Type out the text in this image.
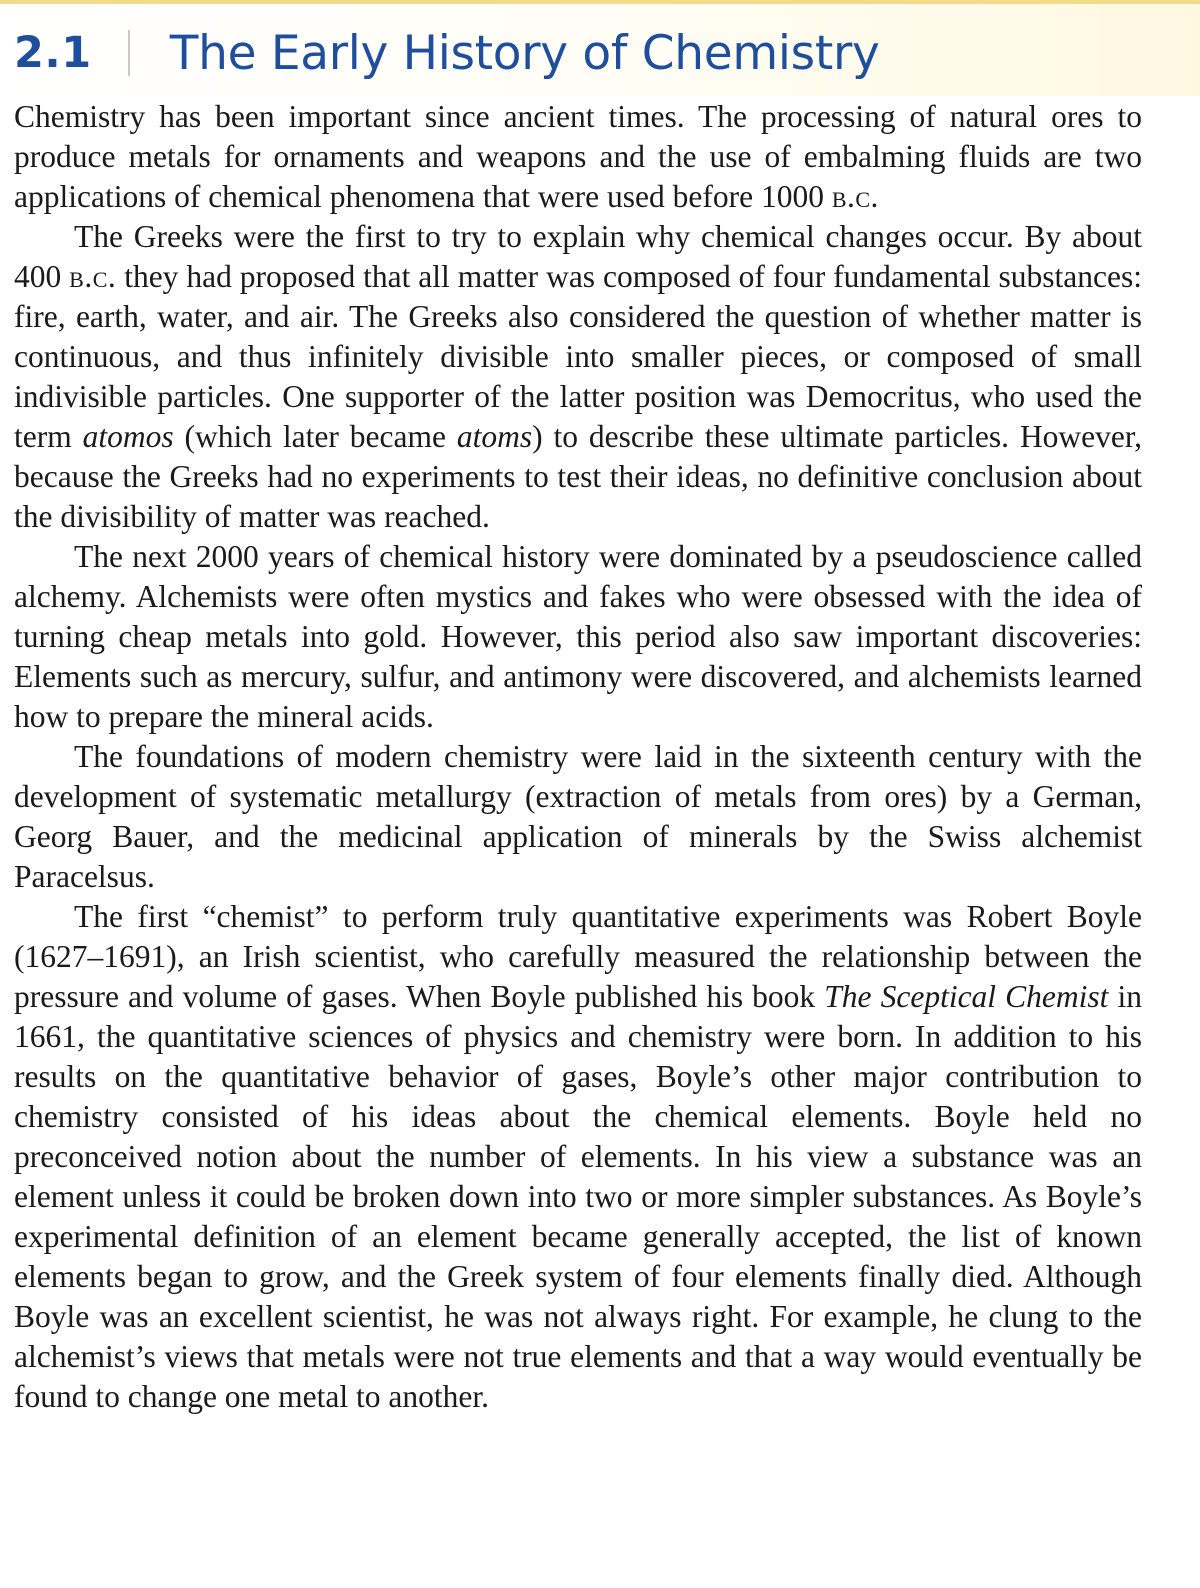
2.1 The Early History of Chemistry

Chemistry has been important since ancient times. The processing of natural ores to produce metals for ornaments and weapons and the use of embalming fluids are two applications of chemical phenomena that were used before 1000 b.c.

The Greeks were the first to try to explain why chemical changes occur. By about 400 b.c. they had proposed that all matter was composed of four fundamental substances: fire, earth, water, and air. The Greeks also considered the question of whether matter is continuous, and thus infinitely divisible into smaller pieces, or composed of small indivisible particles. One supporter of the latter position was Democritus, who used the term atomos (which later became atoms) to describe these ultimate particles. However, because the Greeks had no experiments to test their ideas, no definitive conclusion about the divisibility of matter was reached.

The next 2000 years of chemical history were dominated by a pseudoscience called alchemy. Alchemists were often mystics and fakes who were obsessed with the idea of turning cheap metals into gold. However, this period also saw important discoveries: Elements such as mercury, sulfur, and antimony were discovered, and alchemists learned how to prepare the mineral acids.

The foundations of modern chemistry were laid in the sixteenth century with the development of systematic metallurgy (extraction of metals from ores) by a German, Georg Bauer, and the medicinal application of minerals by the Swiss alchemist Paracelsus.

The first “chemist” to perform truly quantitative experiments was Robert Boyle (1627–1691), an Irish scientist, who carefully measured the relationship between the pressure and volume of gases. When Boyle published his book The Sceptical Chemist in 1661, the quantitative sciences of physics and chemistry were born. In addition to his results on the quantitative behavior of gases, Boyle’s other major contribution to chemistry consisted of his ideas about the chemical elements. Boyle held no preconceived notion about the number of elements. In his view a substance was an element unless it could be broken down into two or more simpler substances. As Boyle’s experimental definition of an element became generally accepted, the list of known elements began to grow, and the Greek system of four elements finally died. Although Boyle was an excellent scientist, he was not always right. For example, he clung to the alchemist’s views that metals were not true elements and that a way would eventually be found to change one metal to another.
